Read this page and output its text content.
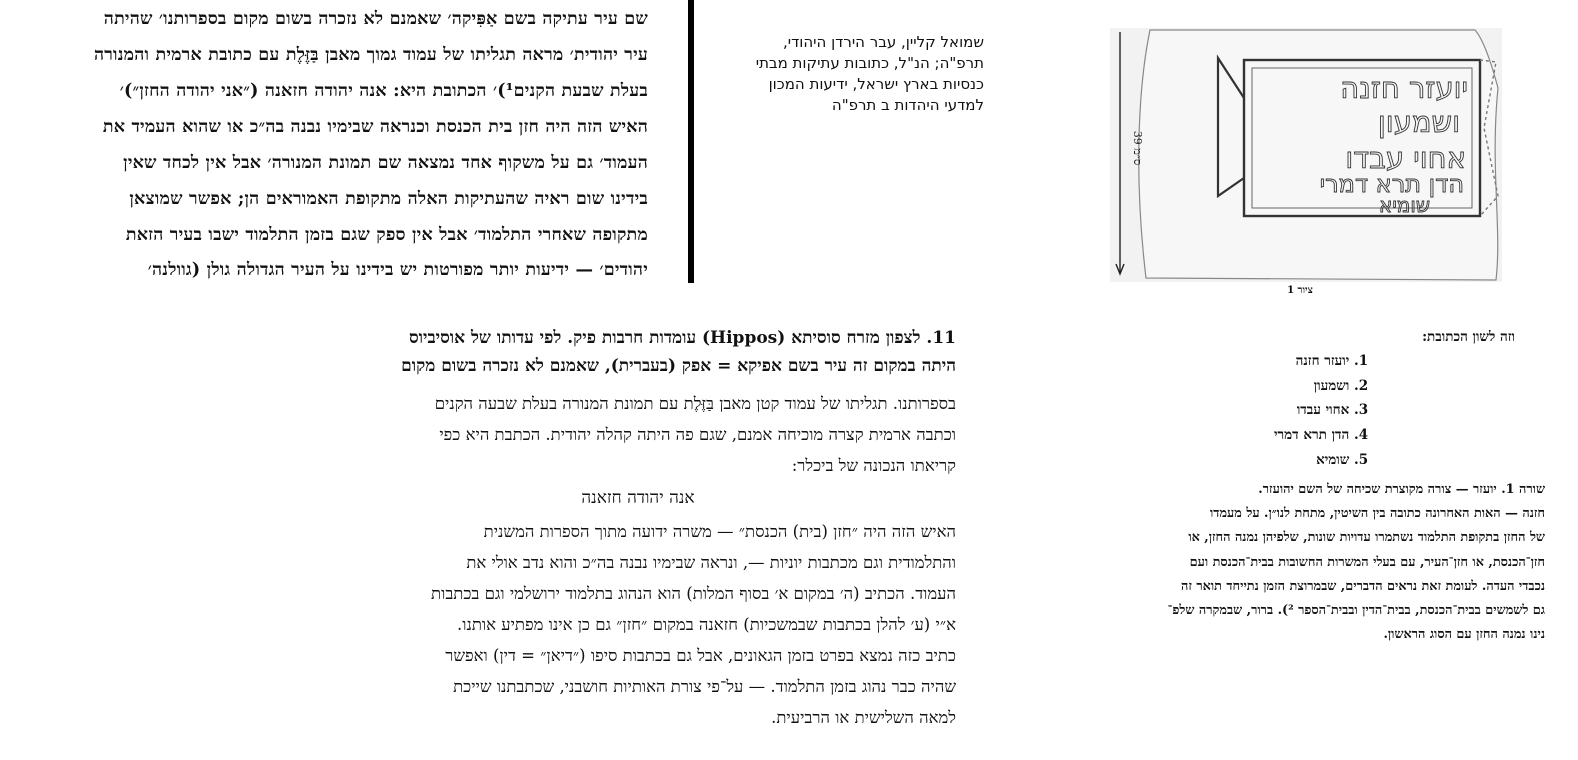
שם עיר עתיקה בשם אַפִּיקה׳ שאמנם לא נזכרה בשום מקום בספרותנו׳ שהיתה
עיר יהודית׳ מראה תגליתו של עמוד גמוך מאבן בַּזֶּלֶת עם כתובת ארמית והמנורה
בעלת שבעת הקנים¹)׳ הכתובת היא: אנה יהודה חזאנה (״אני יהודה החזן״)׳
האיש הזה היה חזן בית הכנסת וכנראה שבימיו נבנה בה״כ או שהוא העמיד את
העמוד׳ גם על משקוף אחד נמצאה שם תמונת המנורה׳ אבל אין לכחד שאין
בידינו שום ראיה שהעתיקות האלה מתקופת האמוראים הן; אפשר שמוצאן
מתקופה שאחרי התלמוד׳ אבל אין ספק שגם בזמן התלמוד ישבו בעיר הזאת
יהודים׳ — ידיעות יותר מפורטות יש בידינו על העיר הגדולה גולן (גוולנה׳
שמואל קליין, עבר הירדן היהודי,
תרפ"ה; הנ"ל, כתובות עתיקות מבתי
כנסיות בארץ ישראל, ידיעות המכון
למדעי היהדות ב תרפ"ה
39 ס״מ
יועזר חזנה
ושמעון
אחוי עבדו
הדן תרא דמרי
שומיא
ציור 1
וזה לשון הכתובת:
1. יועזר חזנה
2. ושמעון
3. אחוי עבדו
4. הדן תרא דמרי
5. שומיא
שורה 1. יועזר — צורה מקוצרת שכיחה של השם יהועזר.
חזנה — האות האחרונה כתובה בין השיטין, מתחת לנו״ן. על מעמדו
של החזן בתקופת התלמוד נשתמרו עדויות שונות, שלפיהן נמנה החזן, או
חזן־הכנסת, או חזן־העיר, עם בעלי המשרות החשובות בבית־הכנסת ועם
נכבדי העדה. לעומת זאת נראים הדברים, שבמרוצת הזמן נתייחד תואר זה
גם לשמשים בבית־הכנסת, בבית־הדין ובבית־הספר ²). ברור, שבמקרה שלפ־
נינו נמנה החזן עם הסוג הראשון.
11. לצפון מזרח סוסיתא (Hippos) עומדות חרבות פיק. לפי עדותו של אוסיביוס
היתה במקום זה עיר בשם אפיקא = אפק (בעברית), שאמנם לא נזכרה בשום מקום
בספרותנו. תגליתו של עמוד קטן מאבן בַּזֶּלֶת עם תמונת המנורה בעלת שבעה הקנים
וכתבה ארמית קצרה מוכיחה אמנם, שגם פה היתה קהלה יהודית. הכתבת היא כפי
קריאתו הנכונה של ביכלר:
אנה יהודה חזאנה
האיש הזה היה ״חזן (בית) הכנסת״ — משרה ידועה מתוך הספרות המשנית
והתלמודית וגם מכתבות יוניות —, ונראה שבימיו נבנה בה״כ והוא נדב אולי את
העמוד. הכתיב (ה׳ במקום א׳ בסוף המלות) הוא הנהוג בתלמוד ירושלמי וגם בכתבות
א״י (ע׳ להלן בכתבות שבמשכיות) חזאנה במקום ״חזן״ גם כן אינו מפתיע אותנו.
כתיב כזה נמצא בפרט בזמן הגאונים, אבל גם בכתבות סיפו (״דיאן״ = דין) ואפשר
שהיה כבר נהוג בזמן התלמוד. — על־פי צורת האותיות חושבני, שכתבתנו שייכת
למאה השלישית או הרביעית.
